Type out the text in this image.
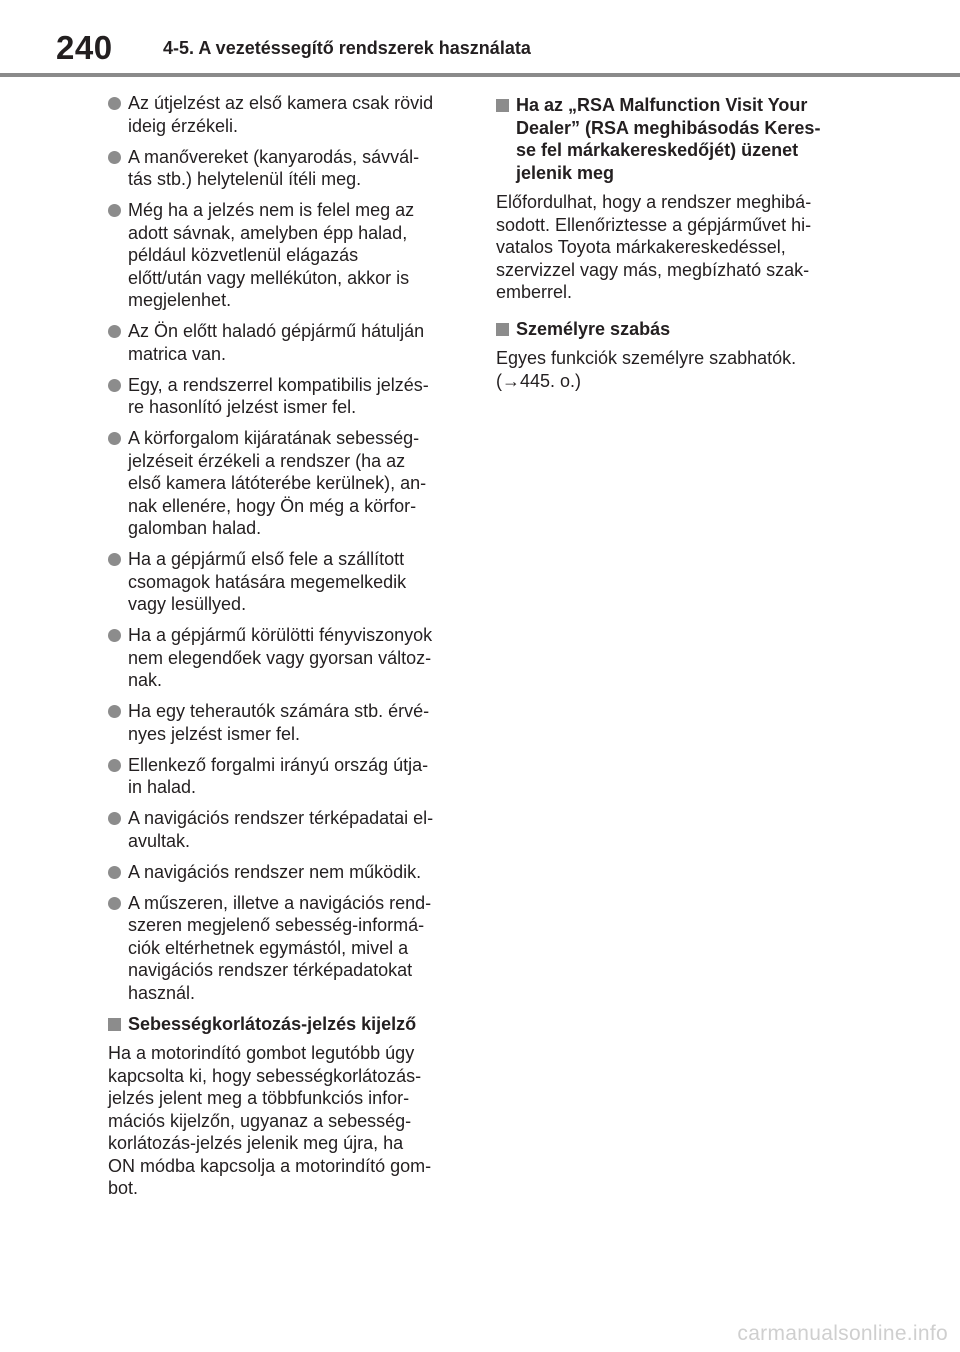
240	4-5. A vezetéssegítő rendszerek használata
Az útjelzést az első kamera csak rövid
ideig érzékeli.
A manővereket (kanyarodás, sávvál-
tás stb.) helytelenül ítéli meg.
Még ha a jelzés nem is felel meg az
adott sávnak, amelyben épp halad,
például közvetlenül elágazás
előtt/után vagy mellékúton, akkor is
megjelenhet.
Az Ön előtt haladó gépjármű hátulján
matrica van.
Egy, a rendszerrel kompatibilis jelzés-
re hasonlító jelzést ismer fel.
A körforgalom kijáratának sebesség-
jelzéseit érzékeli a rendszer (ha az
első kamera látóterébe kerülnek), an-
nak ellenére, hogy Ön még a körfor-
galomban halad.
Ha a gépjármű első fele a szállított
csomagok hatására megemelkedik
vagy lesüllyed.
Ha a gépjármű körülötti fényviszonyok
nem elegendőek vagy gyorsan változ-
nak.
Ha egy teherautók számára stb. érvé-
nyes jelzést ismer fel.
Ellenkező forgalmi irányú ország útja-
in halad.
A navigációs rendszer térképadatai el-
avultak.
A navigációs rendszer nem működik.
A műszeren, illetve a navigációs rend-
szeren megjelenő sebesség-informá-
ciók eltérhetnek egymástól, mivel a
navigációs rendszer térképadatokat
használ.
Sebességkorlátozás-jelzés kijelző

Ha a motorindító gombot legutóbb úgy
kapcsolta ki, hogy sebességkorlátozás-
jelzés jelent meg a többfunkciós infor-
mációs kijelzőn, ugyanaz a sebesség-
korlátozás-jelzés jelenik meg újra, ha
ON módba kapcsolja a motorindító gom-
bot.

Ha az „RSA Malfunction Visit Your
Dealer” (RSA meghibásodás Keres-
se fel márkakereskedőjét) üzenet
jelenik meg

Előfordulhat, hogy a rendszer meghibá-
sodott. Ellenőriztesse a gépjárművet hi-
vatalos Toyota márkakereskedéssel,
szervizzel vagy más, megbízható szak-
emberrel.

Személyre szabás

Egyes funkciók személyre szabhatók.
(→445. o.)

carmanualsonline.info
